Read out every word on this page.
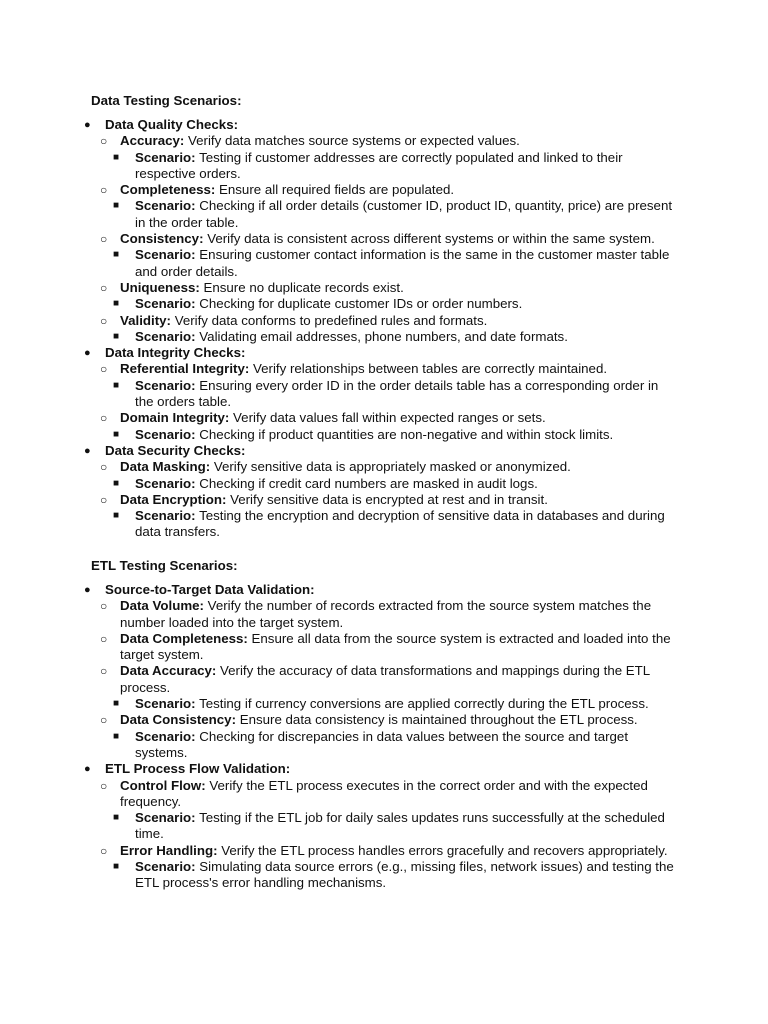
Data Testing Scenarios:
● Data Quality Checks:
○ Accuracy: Verify data matches source systems or expected values.
■ Scenario: Testing if customer addresses are correctly populated and linked to their respective orders.
○ Completeness: Ensure all required fields are populated.
■ Scenario: Checking if all order details (customer ID, product ID, quantity, price) are present in the order table.
○ Consistency: Verify data is consistent across different systems or within the same system.
■ Scenario: Ensuring customer contact information is the same in the customer master table and order details.
○ Uniqueness: Ensure no duplicate records exist.
■ Scenario: Checking for duplicate customer IDs or order numbers.
○ Validity: Verify data conforms to predefined rules and formats.
■ Scenario: Validating email addresses, phone numbers, and date formats.
● Data Integrity Checks:
○ Referential Integrity: Verify relationships between tables are correctly maintained.
■ Scenario: Ensuring every order ID in the order details table has a corresponding order in the orders table.
○ Domain Integrity: Verify data values fall within expected ranges or sets.
■ Scenario: Checking if product quantities are non-negative and within stock limits.
● Data Security Checks:
○ Data Masking: Verify sensitive data is appropriately masked or anonymized.
■ Scenario: Checking if credit card numbers are masked in audit logs.
○ Data Encryption: Verify sensitive data is encrypted at rest and in transit.
■ Scenario: Testing the encryption and decryption of sensitive data in databases and during data transfers.
ETL Testing Scenarios:
● Source-to-Target Data Validation:
○ Data Volume: Verify the number of records extracted from the source system matches the number loaded into the target system.
○ Data Completeness: Ensure all data from the source system is extracted and loaded into the target system.
○ Data Accuracy: Verify the accuracy of data transformations and mappings during the ETL process.
■ Scenario: Testing if currency conversions are applied correctly during the ETL process.
○ Data Consistency: Ensure data consistency is maintained throughout the ETL process.
■ Scenario: Checking for discrepancies in data values between the source and target systems.
● ETL Process Flow Validation:
○ Control Flow: Verify the ETL process executes in the correct order and with the expected frequency.
■ Scenario: Testing if the ETL job for daily sales updates runs successfully at the scheduled time.
○ Error Handling: Verify the ETL process handles errors gracefully and recovers appropriately.
■ Scenario: Simulating data source errors (e.g., missing files, network issues) and testing the ETL process's error handling mechanisms.
